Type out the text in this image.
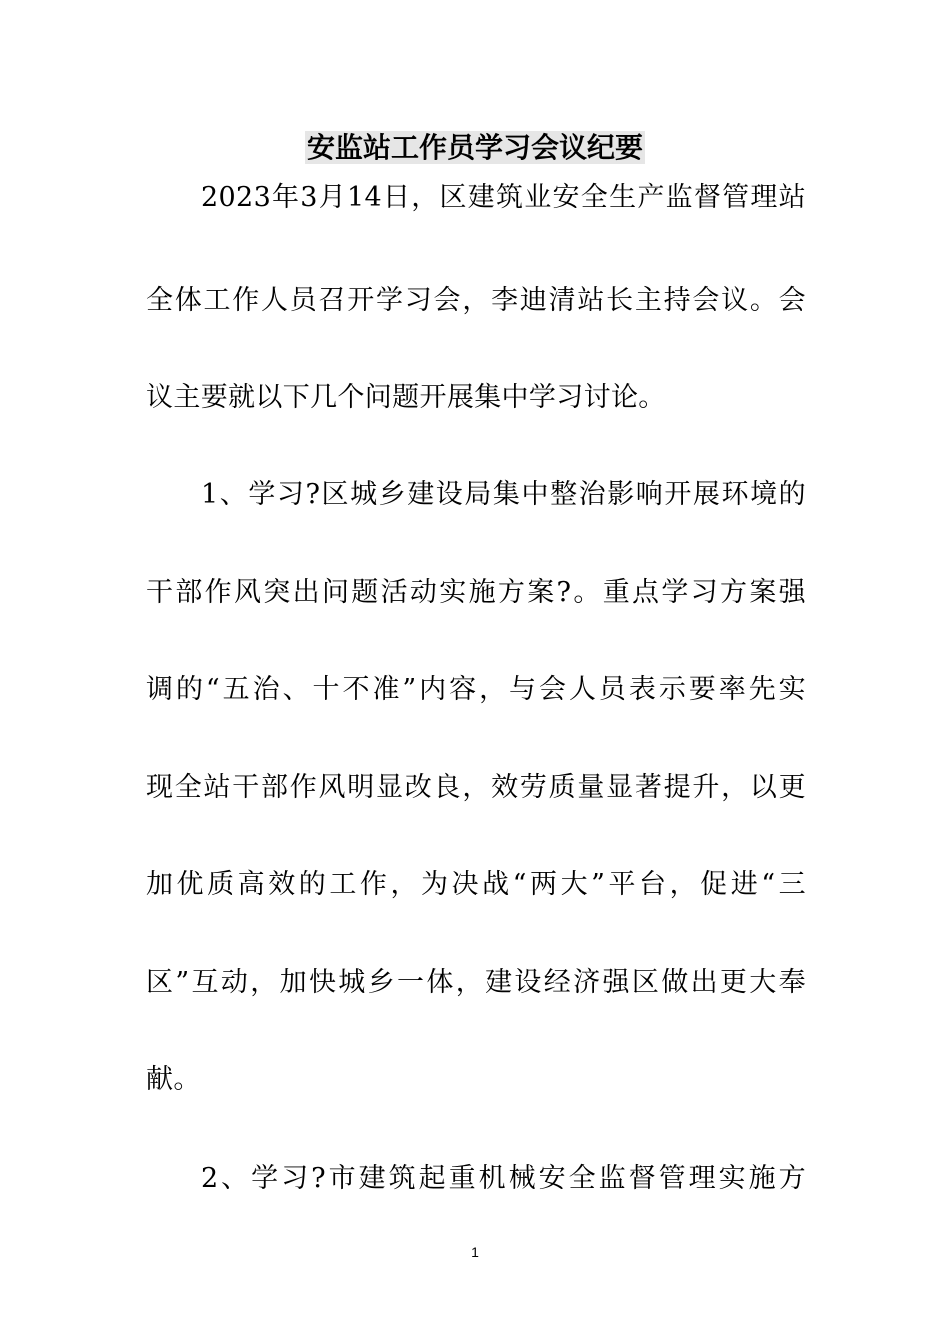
安监站工作员学习会议纪要
2023年3月14日，区建筑业安全生产监督管理站
全体工作人员召开学习会，李迪清站长主持会议。会
议主要就以下几个问题开展集中学习讨论。
1、学习?区城乡建设局集中整治影响开展环境的
干部作风突出问题活动实施方案?。重点学习方案强
调的“五治、十不准”内容，与会人员表示要率先实
现全站干部作风明显改良，效劳质量显著提升，以更
加优质高效的工作，为决战“两大”平台，促进“三
区”互动，加快城乡一体，建设经济强区做出更大奉
献。
2、学习?市建筑起重机械安全监督管理实施方
1
